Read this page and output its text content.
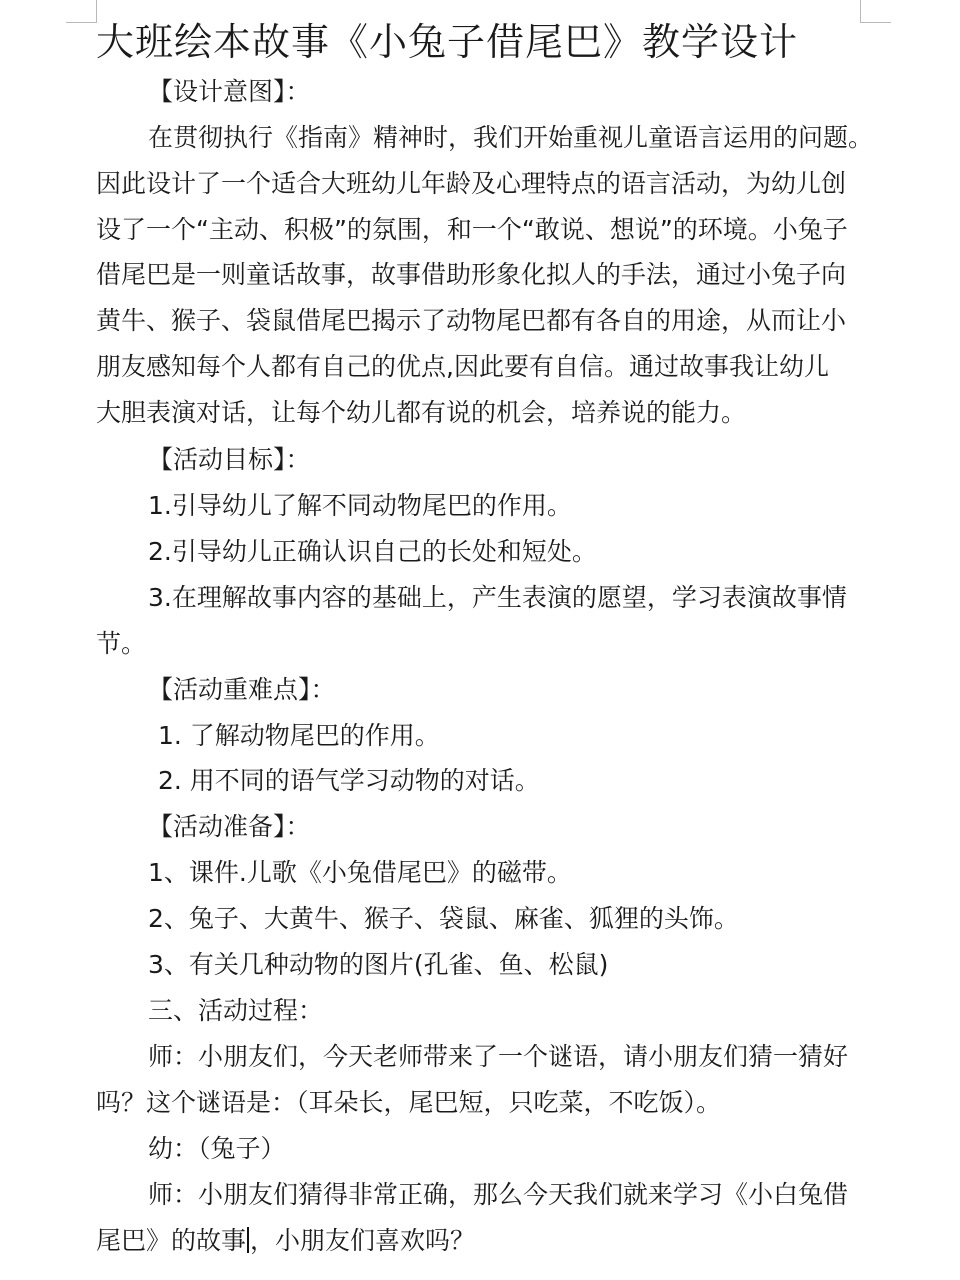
大班绘本故事《小兔子借尾巴》教学设计
【设计意图】：
在贯彻执行《指南》精神时，我们开始重视儿童语言运用的问题。
因此设计了一个适合大班幼儿年龄及心理特点的语言活动，为幼儿创
设了一个“主动、积极”的氛围，和一个“敢说、想说”的环境。小兔子
借尾巴是一则童话故事，故事借助形象化拟人的手法，通过小兔子向
黄牛、猴子、袋鼠借尾巴揭示了动物尾巴都有各自的用途，从而让小
朋友感知每个人都有自己的优点,因此要有自信。通过故事我让幼儿
大胆表演对话，让每个幼儿都有说的机会，培养说的能力。
【活动目标】：
1.引导幼儿了解不同动物尾巴的作用。
2.引导幼儿正确认识自己的长处和短处。
3.在理解故事内容的基础上，产生表演的愿望，学习表演故事情
节。
【活动重难点】：
1. 了解动物尾巴的作用。
2. 用不同的语气学习动物的对话。
【活动准备】：
1、课件.儿歌《小兔借尾巴》的磁带。
2、兔子、大黄牛、猴子、袋鼠、麻雀、狐狸的头饰。
3、有关几种动物的图片(孔雀、鱼、松鼠)
三、活动过程：
师：小朋友们，今天老师带来了一个谜语，请小朋友们猜一猜好
吗？这个谜语是：（耳朵长，尾巴短，只吃菜，不吃饭）。
幼：（兔子）
师：小朋友们猜得非常正确，那么今天我们就来学习《小白兔借
尾巴》的故事 ，小朋友们喜欢吗？
